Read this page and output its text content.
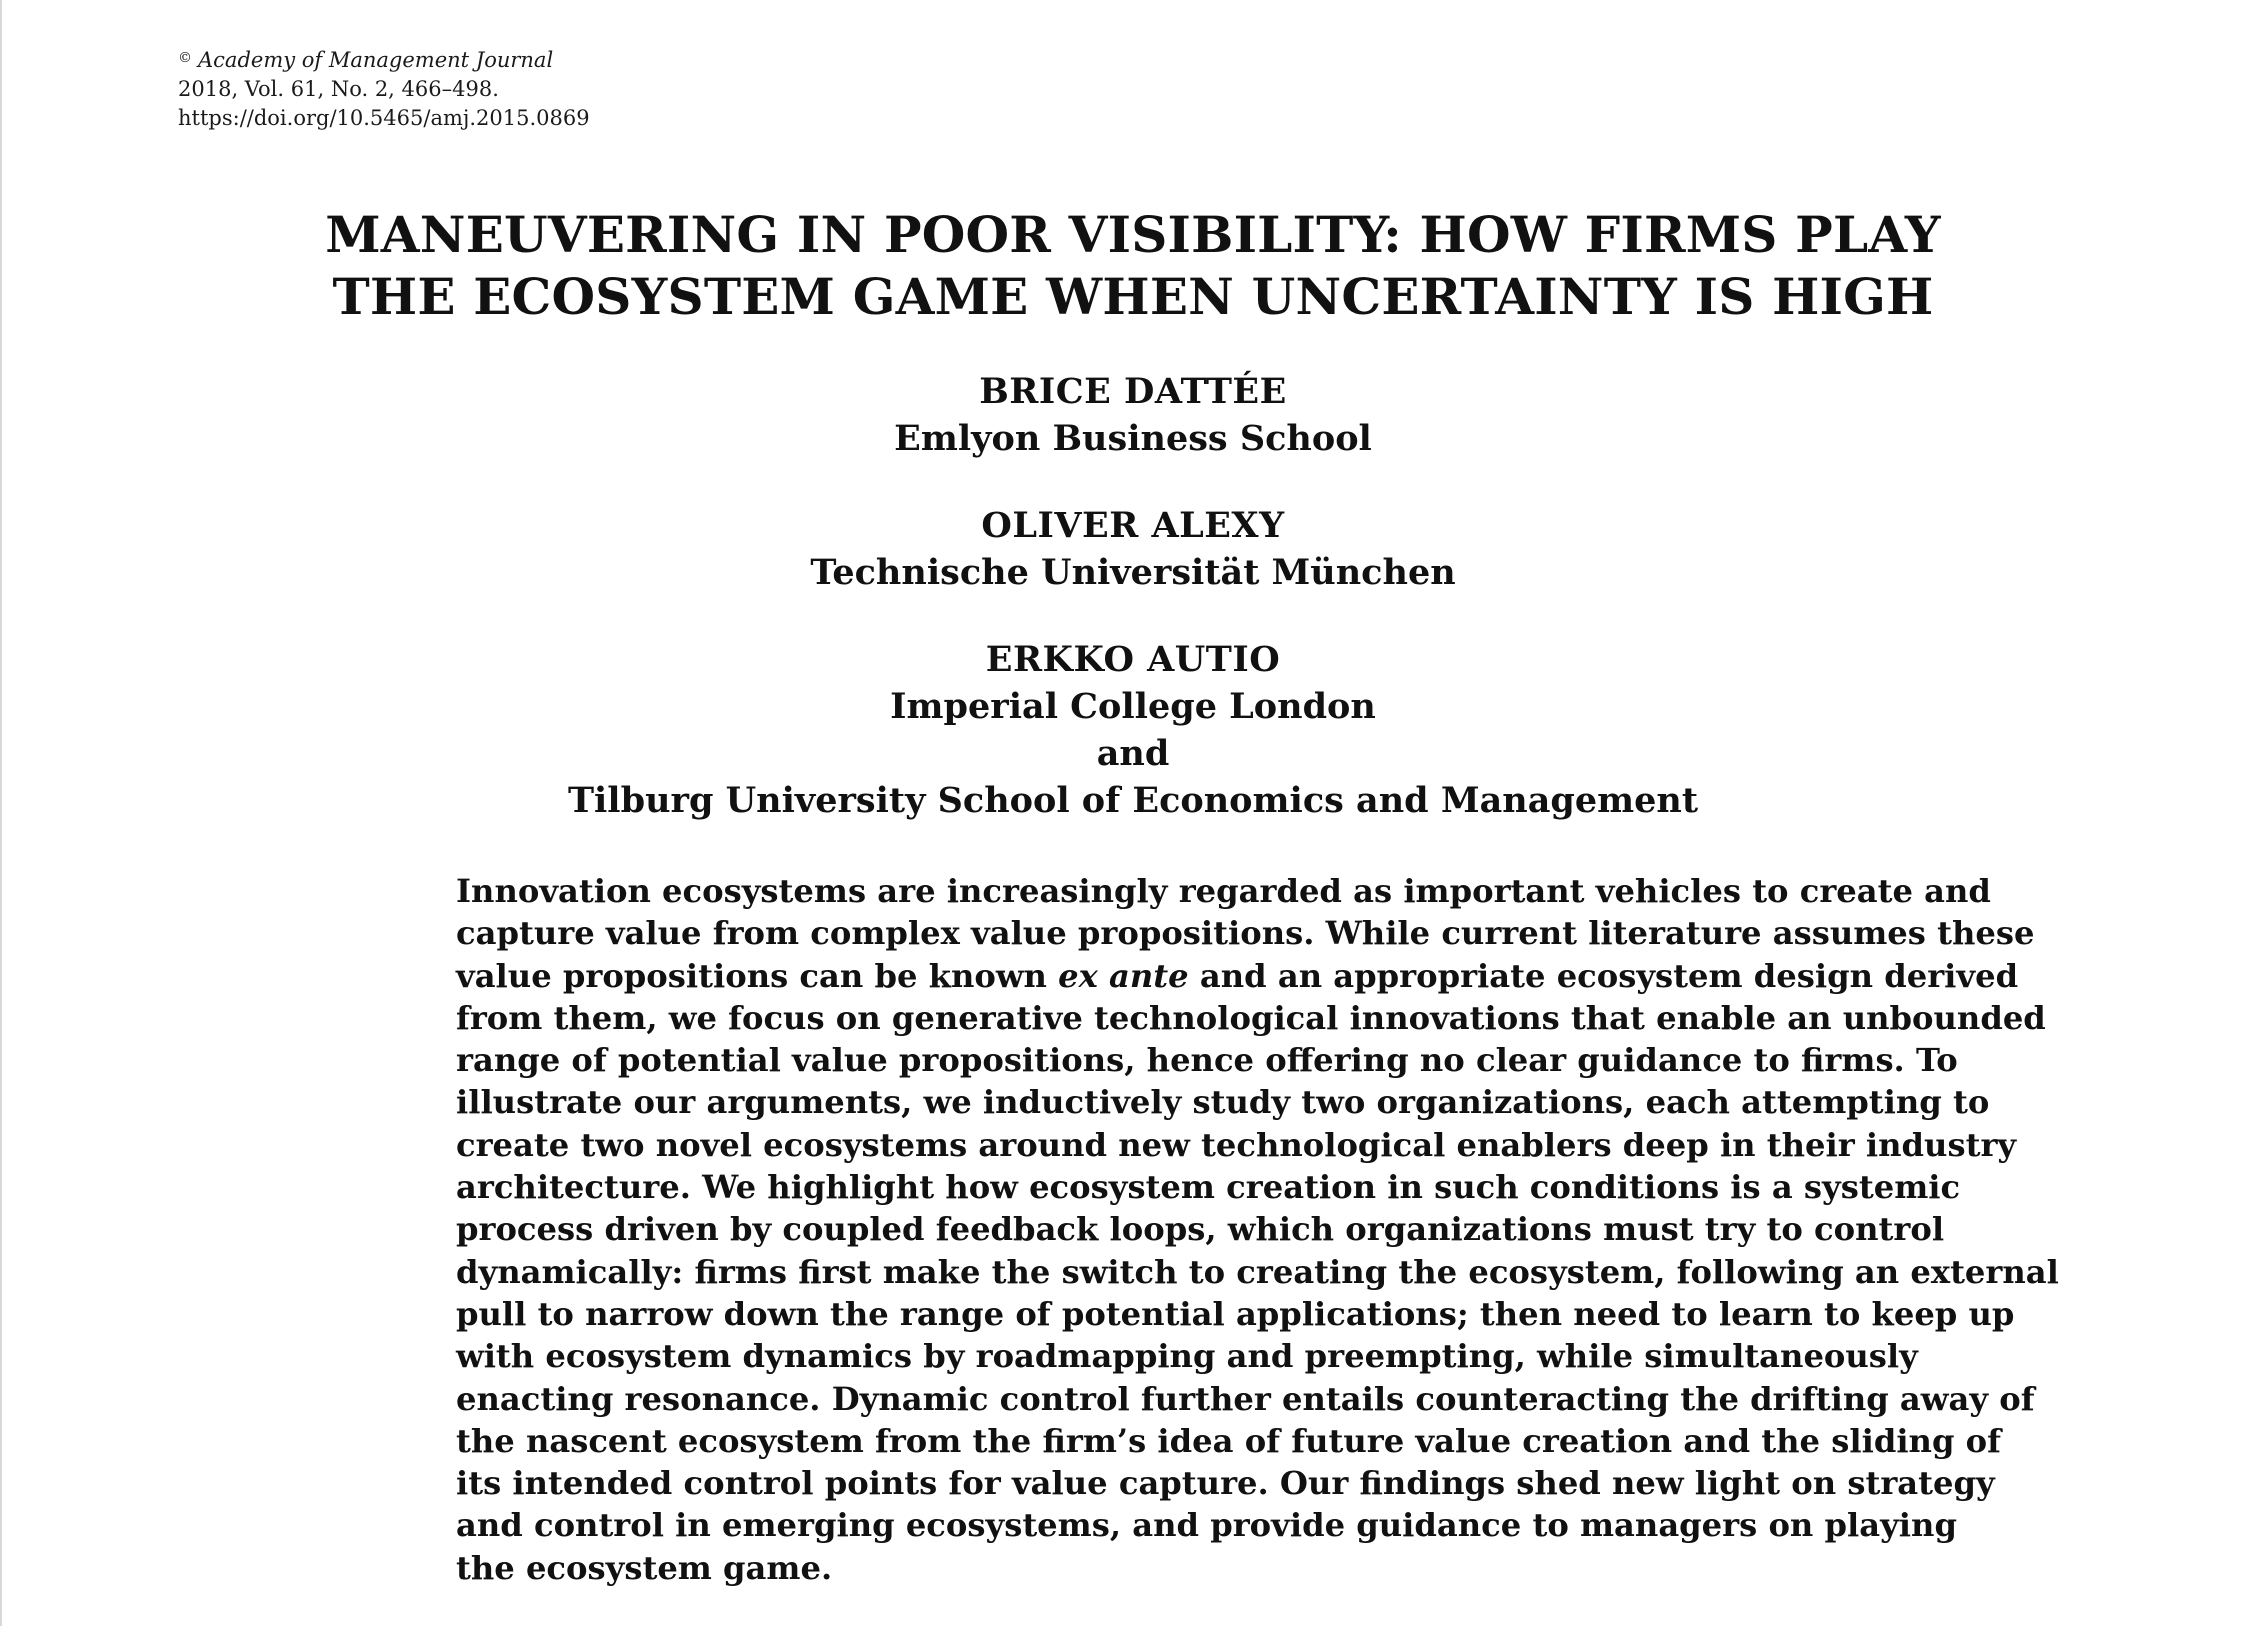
© Academy of Management Journal
2018, Vol. 61, No. 2, 466–498.
https://doi.org/10.5465/amj.2015.0869
MANEUVERING IN POOR VISIBILITY: HOW FIRMS PLAY
THE ECOSYSTEM GAME WHEN UNCERTAINTY IS HIGH
BRICE DATTÉE
Emlyon Business School
OLIVER ALEXY
Technische Universität München
ERKKO AUTIO
Imperial College London
and
Tilburg University School of Economics and Management
Innovation ecosystems are increasingly regarded as important vehicles to create and
capture value from complex value propositions. While current literature assumes these
value propositions can be known ex ante and an appropriate ecosystem design derived
from them, we focus on generative technological innovations that enable an unbounded
range of potential value propositions, hence offering no clear guidance to firms. To
illustrate our arguments, we inductively study two organizations, each attempting to
create two novel ecosystems around new technological enablers deep in their industry
architecture. We highlight how ecosystem creation in such conditions is a systemic
process driven by coupled feedback loops, which organizations must try to control
dynamically: firms first make the switch to creating the ecosystem, following an external
pull to narrow down the range of potential applications; then need to learn to keep up
with ecosystem dynamics by roadmapping and preempting, while simultaneously
enacting resonance. Dynamic control further entails counteracting the drifting away of
the nascent ecosystem from the firm’s idea of future value creation and the sliding of
its intended control points for value capture. Our findings shed new light on strategy
and control in emerging ecosystems, and provide guidance to managers on playing
the ecosystem game.
